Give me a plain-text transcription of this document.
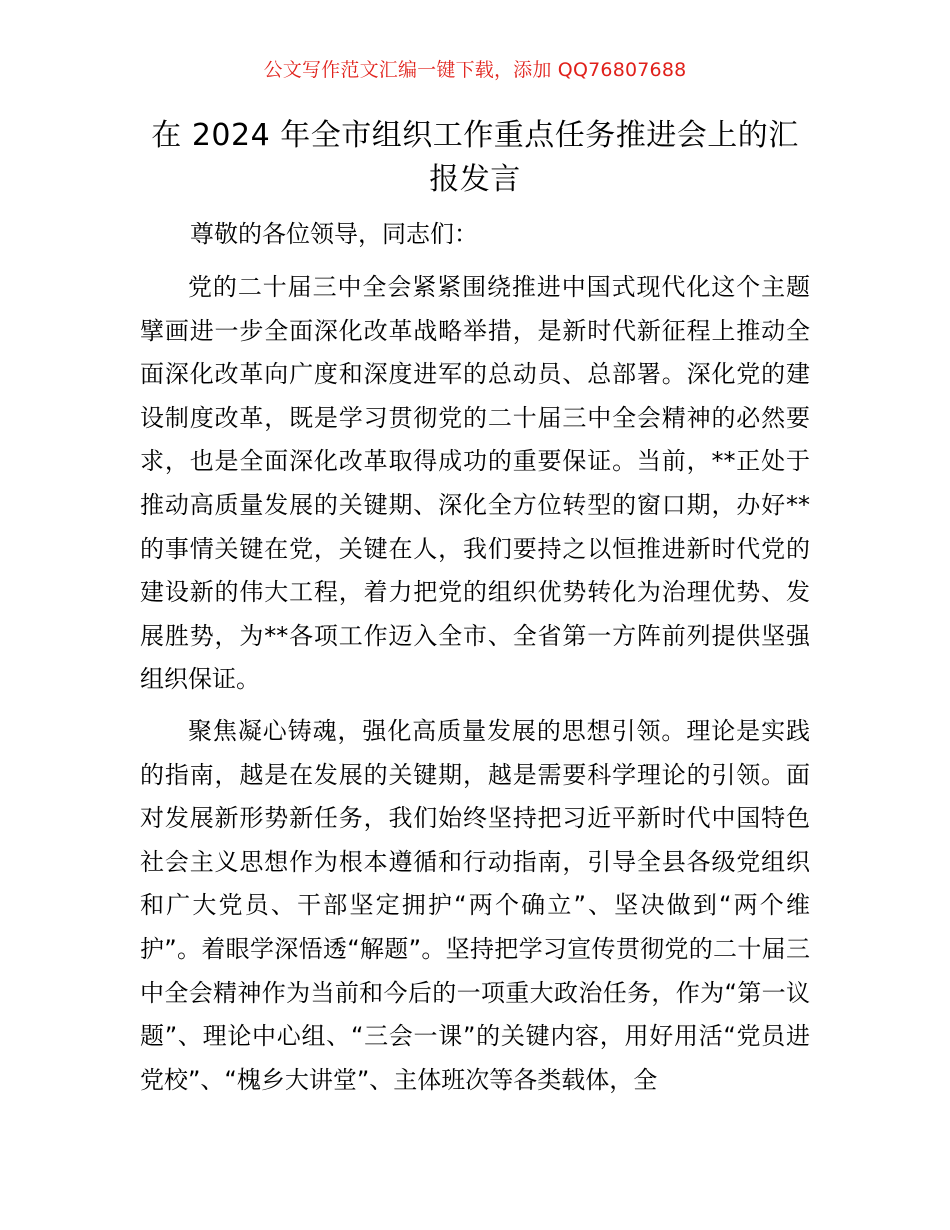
公文写作范文汇编一键下载，添加 QQ76807688
在 2024 年全市组织工作重点任务推进会上的汇报发言
尊敬的各位领导，同志们：

党的二十届三中全会紧紧围绕推进中国式现代化这个主题擘画进一步全面深化改革战略举措，是新时代新征程上推动全面深化改革向广度和深度进军的总动员、总部署。深化党的建设制度改革，既是学习贯彻党的二十届三中全会精神的必然要求，也是全面深化改革取得成功的重要保证。当前，**正处于推动高质量发展的关键期、深化全方位转型的窗口期，办好**的事情关键在党，关键在人，我们要持之以恒推进新时代党的建设新的伟大工程，着力把党的组织优势转化为治理优势、发展胜势，为**各项工作迈入全市、全省第一方阵前列提供坚强组织保证。

聚焦凝心铸魂，强化高质量发展的思想引领。理论是实践的指南，越是在发展的关键期，越是需要科学理论的引领。面对发展新形势新任务，我们始终坚持把习近平新时代中国特色社会主义思想作为根本遵循和行动指南，引导全县各级党组织和广大党员、干部坚定拥护“两个确立”、坚决做到“两个维护”。着眼学深悟透“解题”。坚持把学习宣传贯彻党的二十届三中全会精神作为当前和今后的一项重大政治任务，作为“第一议题”、理论中心组、“三会一课”的关键内容，用好用活“党员进党校”、“槐乡大讲堂”、主体班次等各类载体，全
